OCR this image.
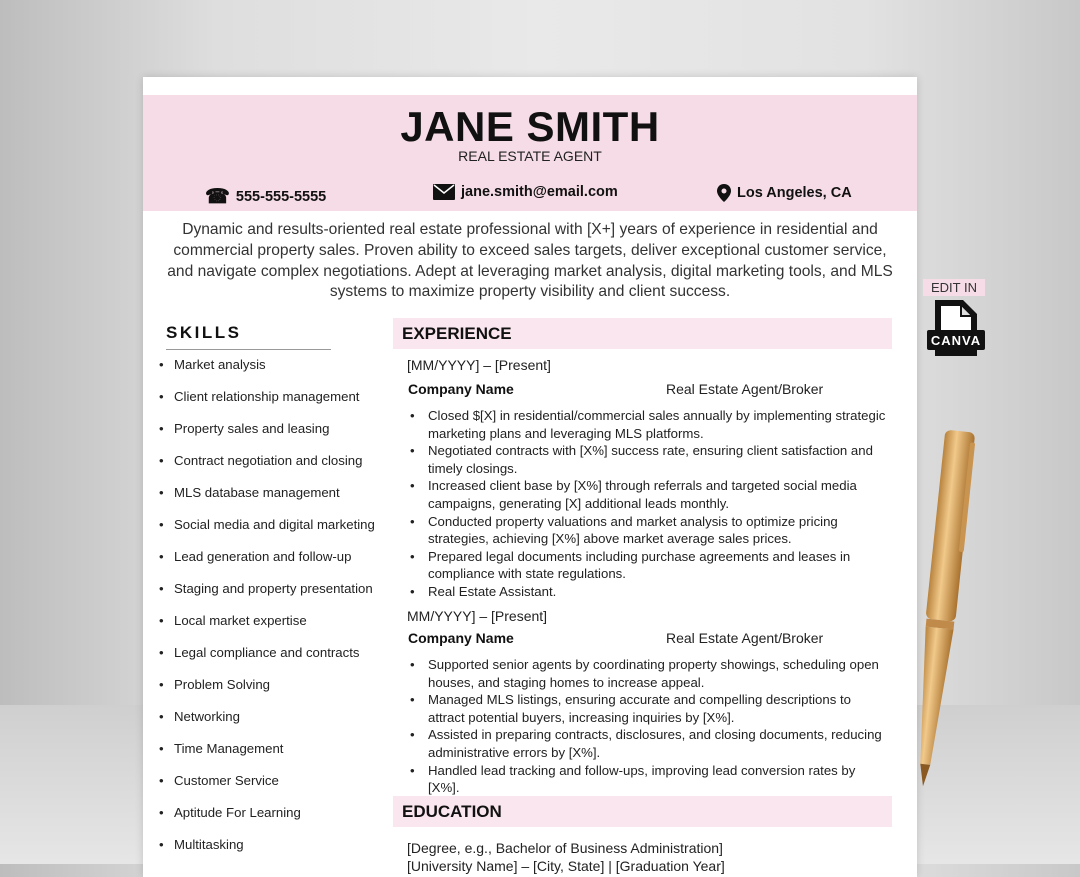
JANE SMITH
REAL ESTATE AGENT
☎ 555-555-5555	jane.smith@email.com	Los Angeles, CA
Dynamic and results-oriented real estate professional with [X+] years of experience in residential and commercial property sales. Proven ability to exceed sales targets, deliver exceptional customer service, and navigate complex negotiations. Adept at leveraging market analysis, digital marketing tools, and MLS systems to maximize property visibility and client success.
SKILLS
• Market analysis
• Client relationship management
• Property sales and leasing
• Contract negotiation and closing
• MLS database management
• Social media and digital marketing
• Lead generation and follow-up
• Staging and property presentation
• Local market expertise
• Legal compliance and contracts
• Problem Solving
• Networking
• Time Management
• Customer Service
• Aptitude For Learning
• Multitasking
EXPERIENCE
[MM/YYYY] – [Present]
Company Name	Real Estate Agent/Broker
• Closed $[X] in residential/commercial sales annually by implementing strategic marketing plans and leveraging MLS platforms.
• Negotiated contracts with [X%] success rate, ensuring client satisfaction and timely closings.
• Increased client base by [X%] through referrals and targeted social media campaigns, generating [X] additional leads monthly.
• Conducted property valuations and market analysis to optimize pricing strategies, achieving [X%] above market average sales prices.
• Prepared legal documents including purchase agreements and leases in compliance with state regulations.
• Real Estate Assistant.
MM/YYYY] – [Present]
Company Name	Real Estate Agent/Broker
• Supported senior agents by coordinating property showings, scheduling open houses, and staging homes to increase appeal.
• Managed MLS listings, ensuring accurate and compelling descriptions to attract potential buyers, increasing inquiries by [X%].
• Assisted in preparing contracts, disclosures, and closing documents, reducing administrative errors by [X%].
• Handled lead tracking and follow-ups, improving lead conversion rates by [X%].
EDUCATION
[Degree, e.g., Bachelor of Business Administration]
[University Name] – [City, State] | [Graduation Year]
EDIT IN
CANVA
